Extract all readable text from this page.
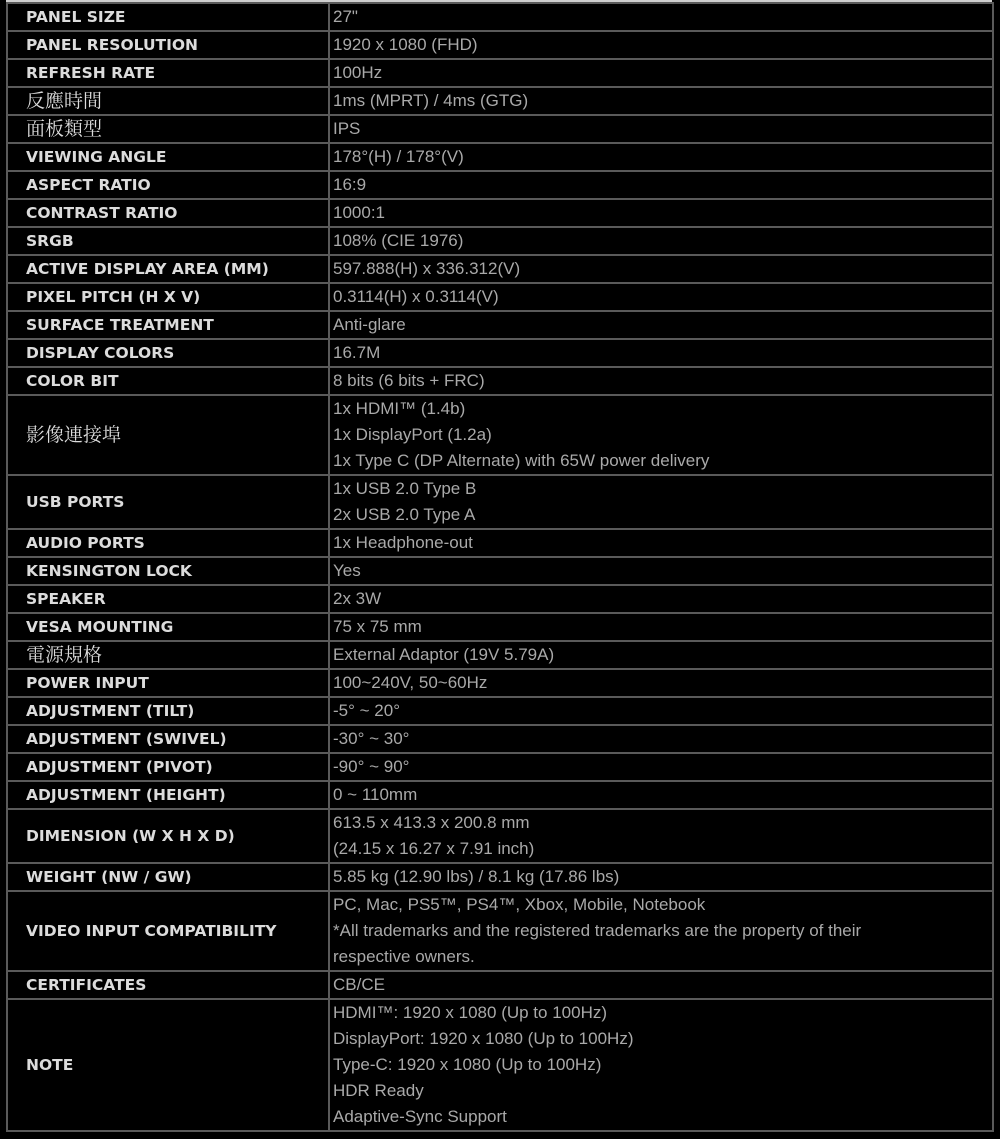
PANEL SIZE	27"

PANEL RESOLUTION	1920 x 1080 (FHD)

REFRESH RATE	100Hz

反應時間	1ms (MPRT) / 4ms (GTG)

面板類型	IPS

VIEWING ANGLE	178°(H) / 178°(V)

ASPECT RATIO	16:9

CONTRAST RATIO	1000:1

SRGB	108% (CIE 1976)

ACTIVE DISPLAY AREA (MM)	597.888(H) x 336.312(V)

PIXEL PITCH (H X V)	0.3114(H) x 0.3114(V)

SURFACE TREATMENT	Anti-glare

DISPLAY COLORS	16.7M

COLOR BIT	8 bits (6 bits + FRC)

影像連接埠	1x HDMI™ (1.4b)
1x DisplayPort (1.2a)
1x Type C (DP Alternate) with 65W power delivery

USB PORTS	1x USB 2.0 Type B
2x USB 2.0 Type A

AUDIO PORTS	1x Headphone-out

KENSINGTON LOCK	Yes

SPEAKER	2x 3W

VESA MOUNTING	75 x 75 mm

電源規格	External Adaptor (19V 5.79A)

POWER INPUT	100~240V, 50~60Hz

ADJUSTMENT (TILT)	-5° ~ 20°

ADJUSTMENT (SWIVEL)	-30° ~ 30°

ADJUSTMENT (PIVOT)	-90° ~ 90°

ADJUSTMENT (HEIGHT)	0 ~ 110mm

DIMENSION (W X H X D)	613.5 x 413.3 x 200.8 mm
(24.15 x 16.27 x 7.91 inch)

WEIGHT (NW / GW)	5.85 kg (12.90 lbs) / 8.1 kg (17.86 lbs)

VIDEO INPUT COMPATIBILITY	PC, Mac, PS5™, PS4™, Xbox, Mobile, Notebook
*All trademarks and the registered trademarks are the property of their
respective owners.

CERTIFICATES	CB/CE

NOTE	HDMI™: 1920 x 1080 (Up to 100Hz)
DisplayPort: 1920 x 1080 (Up to 100Hz)
Type-C: 1920 x 1080 (Up to 100Hz)
HDR Ready
Adaptive-Sync Support
